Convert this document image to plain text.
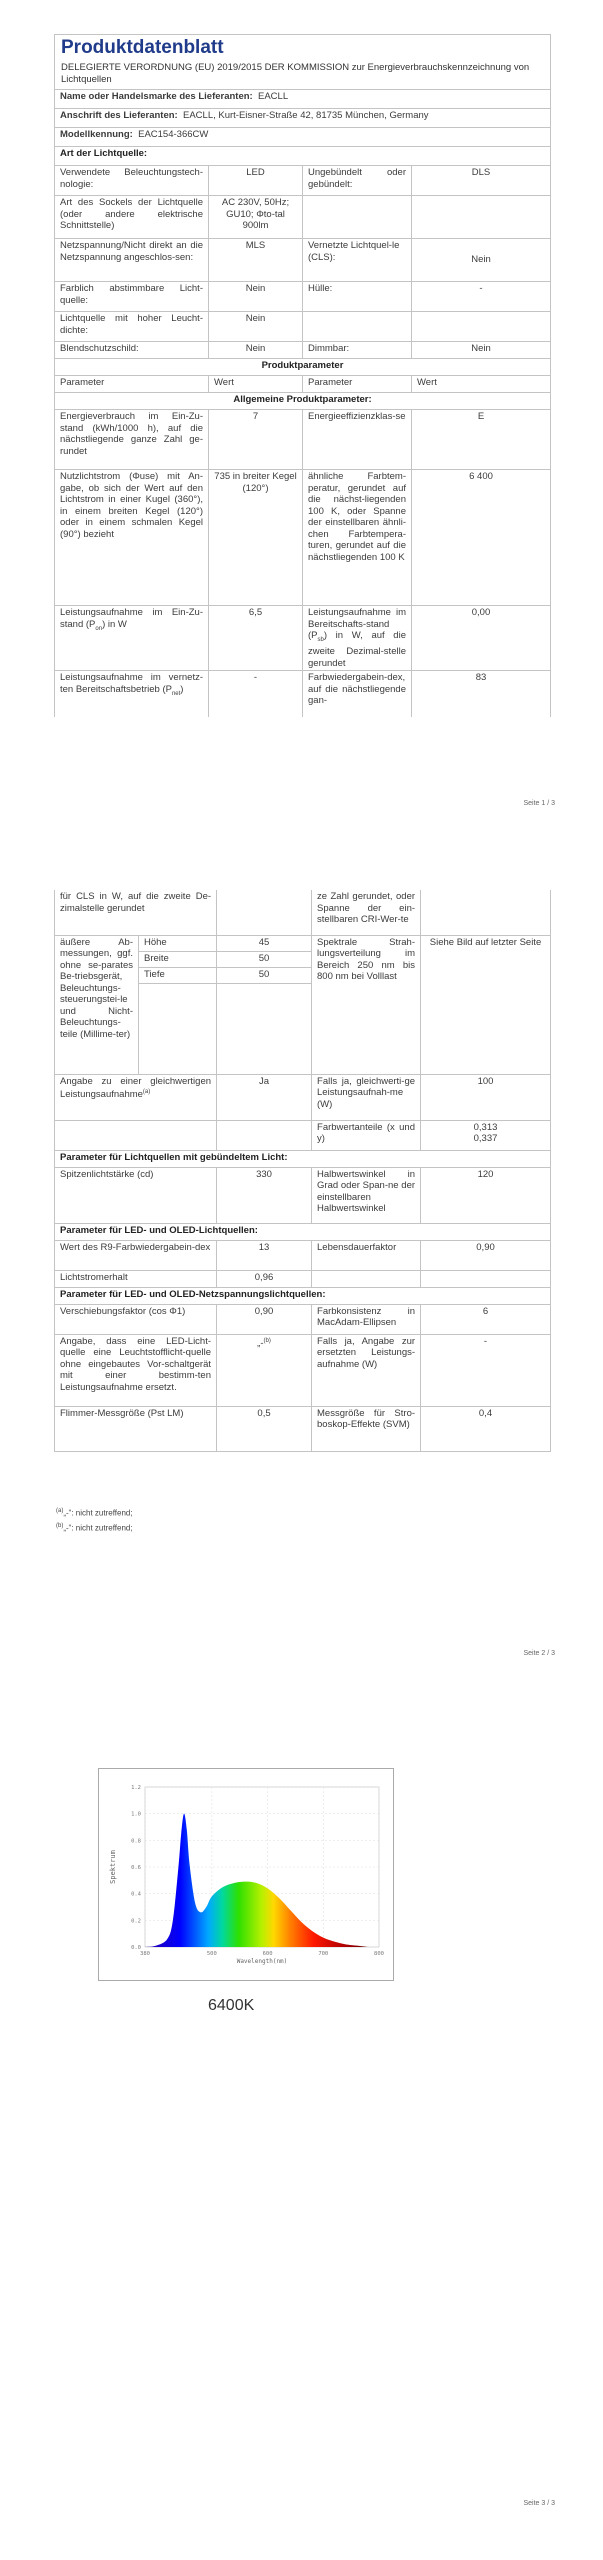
Produktdatenblatt
DELEGIERTE VERORDNUNG (EU) 2019/2015 DER KOMMISSION zur Energieverbrauchskennzeichnung von Lichtquellen			

Name oder Handelsmarke des Lieferanten: EACLL			
Anschrift des Lieferanten: EACLL, Kurt-Eisner-Straße 42, 81735 München, Germany			
Modellkennung: EAC154-366CW			
Art der Lichtquelle:			
Verwendete Beleuchtungstech-nologie:	LED	Ungebündelt oder gebündelt:	DLS
Art des Sockels der Lichtquelle (oder andere elektrische Schnittstelle)	AC 230V, 50Hz; GU10; Φto-tal 900lm		
Netzspannung/Nicht direkt an die Netzspannung angeschlos-sen:	MLS	Vernetzte Lichtquel-le (CLS):	Nein
Farblich abstimmbare Licht-quelle:	Nein	Hülle:	-
Lichtquelle mit hoher Leucht-dichte:	Nein		
Blendschutzschild:	Nein	Dimmbar:	Nein
Produktparameter			
Parameter	Wert	Parameter	Wert
Allgemeine Produktparameter:			
Energieverbrauch im Ein-Zu-stand (kWh/1000 h), auf die nächstliegende ganze Zahl ge-rundet	7	Energieeffizienzklas-se	E
Nutzlichtstrom (Φuse) mit An-gabe, ob sich der Wert auf den Lichtstrom in einer Kugel (360°), in einem breiten Kegel (120°) oder in einem schmalen Kegel (90°) bezieht	735 in breiter Kegel (120°)	ähnliche Farbtem-peratur, gerundet auf die nächst-liegenden 100 K, oder Spanne der einstellbaren ähnli-chen Farbtempera-turen, gerundet auf die nächstliegenden 100 K	6 400
Leistungsaufnahme im Ein-Zu-stand $(P_{on})$ in W	6,5	Leistungsaufnahme im Bereitschafts-stand $(P_{sb})$ in W, auf die zweite Dezimal-stelle gerundet	0,00
Leistungsaufnahme im vernetz-ten Bereitschaftsbetrieb $(P_{net})$	-	Farbwiedergabein-dex, auf die nächstliegende gan-	83
Seite 1 / 3
für CLS in W, auf die zweite De-zimalstelle gerundet			ze Zahl gerundet, oder Spanne der ein-stellbaren CRI-Wer-te	
äußere Ab-messungen, ggf. ohne se-parates Be-triebsgerät, Beleuchtungs-steuerungstei-le und Nicht-Beleuchtungs-teile (Millime-ter)	Höhe	45	Spektrale Strah-lungsverteilung im Bereich 250 nm bis 800 nm bei Volllast	Siehe Bild auf letzter Seite
	Breite	50		
	Tiefe	50		

Angabe zu einer gleichwertigen Leistungsaufnahme$^{(a)}$		Ja	Falls ja, gleichwerti-ge Leistungsaufnah-me (W)	100
			Farbwertanteile (x und y)	0,313
0,337

Parameter für Lichtquellen mit gebündeltem Licht:				
Spitzenlichtstärke (cd)		330	Halbwertswinkel in Grad oder Span-ne der einstellbaren Halbwertswinkel	120
Parameter für LED- und OLED-Lichtquellen:				
Wert des R9-Farbwiedergabein-dex		13	Lebensdauerfaktor	0,90
Lichtstromerhalt		0,96		
Parameter für LED- und OLED-Netzspannungslichtquellen:				
Verschiebungsfaktor (cos Φ1)		0,90	Farbkonsistenz in MacAdam-Ellipsen	6
Angabe, dass eine LED-Licht-quelle eine Leuchtstofflicht-quelle ohne eingebautes Vor-schaltgerät mit einer bestimm-ten Leistungsaufnahme ersetzt.		„-$^{(b)}$	Falls ja, Angabe zur ersetzten Leistungs-aufnahme (W)	-
Flimmer-Messgröße (Pst LM)		0,5	Messgröße für Stro-boskop-Effekte (SVM)	0,4
$^{(a)}$„-“: nicht zutreffend;
$^{(b)}$„-“: nicht zutreffend;
Seite 2 / 3
Seite 3 / 3
0.0
0.2
0.4
0.6
0.8
1.0
1.2
380	500	600	700	800
Spektrum
Wavelength(nm)
6400K
